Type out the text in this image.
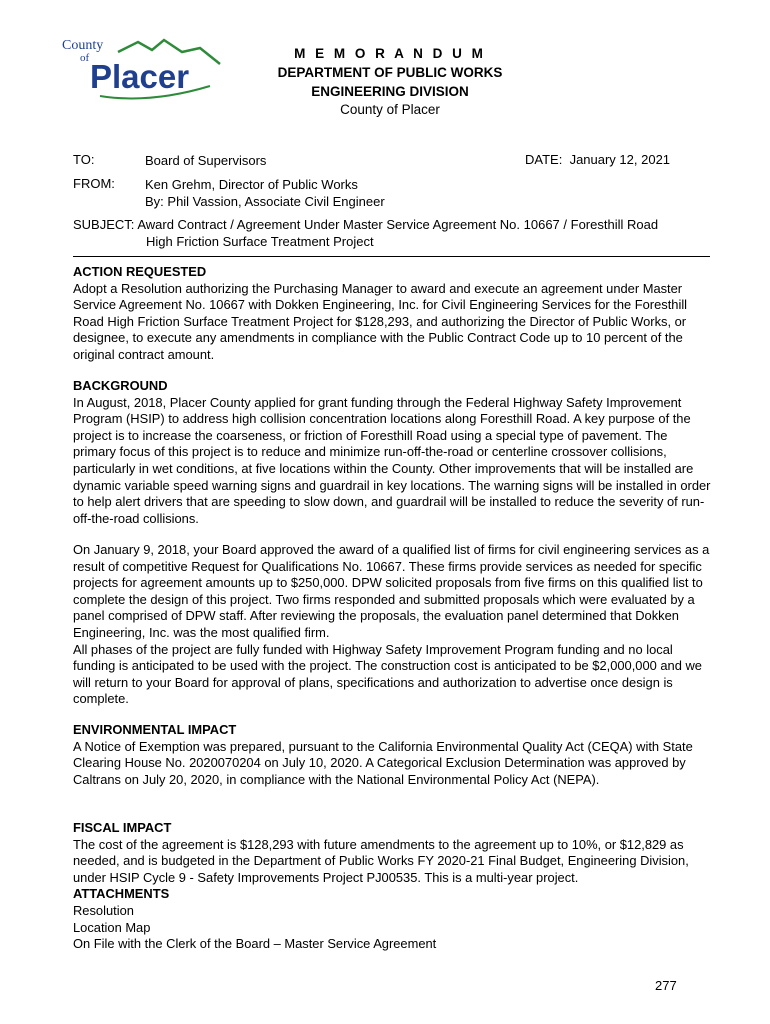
County
of Placer
M E M O R A N D U M
DEPARTMENT OF PUBLIC WORKS
ENGINEERING DIVISION
County of Placer
TO:	Board of Supervisors	DATE: January 12, 2021
FROM: Ken Grehm, Director of Public Works
By: Phil Vassion, Associate Civil Engineer
SUBJECT: Award Contract / Agreement Under Master Service Agreement No. 10667 / Foresthill Road
High Friction Surface Treatment Project
ACTION REQUESTED

Adopt a Resolution authorizing the Purchasing Manager to award and execute an agreement under Master Service Agreement No. 10667 with Dokken Engineering, Inc. for Civil Engineering Services for the Foresthill Road High Friction Surface Treatment Project for $128,293, and authorizing the Director of Public Works, or designee, to execute any amendments in compliance with the Public Contract Code up to 10 percent of the original contract amount.

BACKGROUND

In August, 2018, Placer County applied for grant funding through the Federal Highway Safety Improvement Program (HSIP) to address high collision concentration locations along Foresthill Road. A key purpose of the project is to increase the coarseness, or friction of Foresthill Road using a special type of pavement. The primary focus of this project is to reduce and minimize run-off-the-road or centerline crossover collisions, particularly in wet conditions, at five locations within the County. Other improvements that will be installed are dynamic variable speed warning signs and guardrail in key locations. The warning signs will be installed in order to help alert drivers that are speeding to slow down, and guardrail will be installed to reduce the severity of run-off-the-road collisions.

On January 9, 2018, your Board approved the award of a qualified list of firms for civil engineering services as a result of competitive Request for Qualifications No. 10667. These firms provide services as needed for specific projects for agreement amounts up to $250,000. DPW solicited proposals from five firms on this qualified list to complete the design of this project. Two firms responded and submitted proposals which were evaluated by a panel comprised of DPW staff. After reviewing the proposals, the evaluation panel determined that Dokken Engineering, Inc. was the most qualified firm.

All phases of the project are fully funded with Highway Safety Improvement Program funding and no local funding is anticipated to be used with the project. The construction cost is anticipated to be $2,000,000 and we will return to your Board for approval of plans, specifications and authorization to advertise once design is complete.

ENVIRONMENTAL IMPACT

A Notice of Exemption was prepared, pursuant to the California Environmental Quality Act (CEQA) with State Clearing House No. 2020070204 on July 10, 2020. A Categorical Exclusion Determination was approved by Caltrans on July 20, 2020, in compliance with the National Environmental Policy Act (NEPA).

FISCAL IMPACT

The cost of the agreement is $128,293 with future amendments to the agreement up to 10%, or $12,829 as needed, and is budgeted in the Department of Public Works FY 2020-21 Final Budget, Engineering Division, under HSIP Cycle 9 - Safety Improvements Project PJ00535. This is a multi-year project.

ATTACHMENTS
Resolution
Location Map
On File with the Clerk of the Board – Master Service Agreement
277
